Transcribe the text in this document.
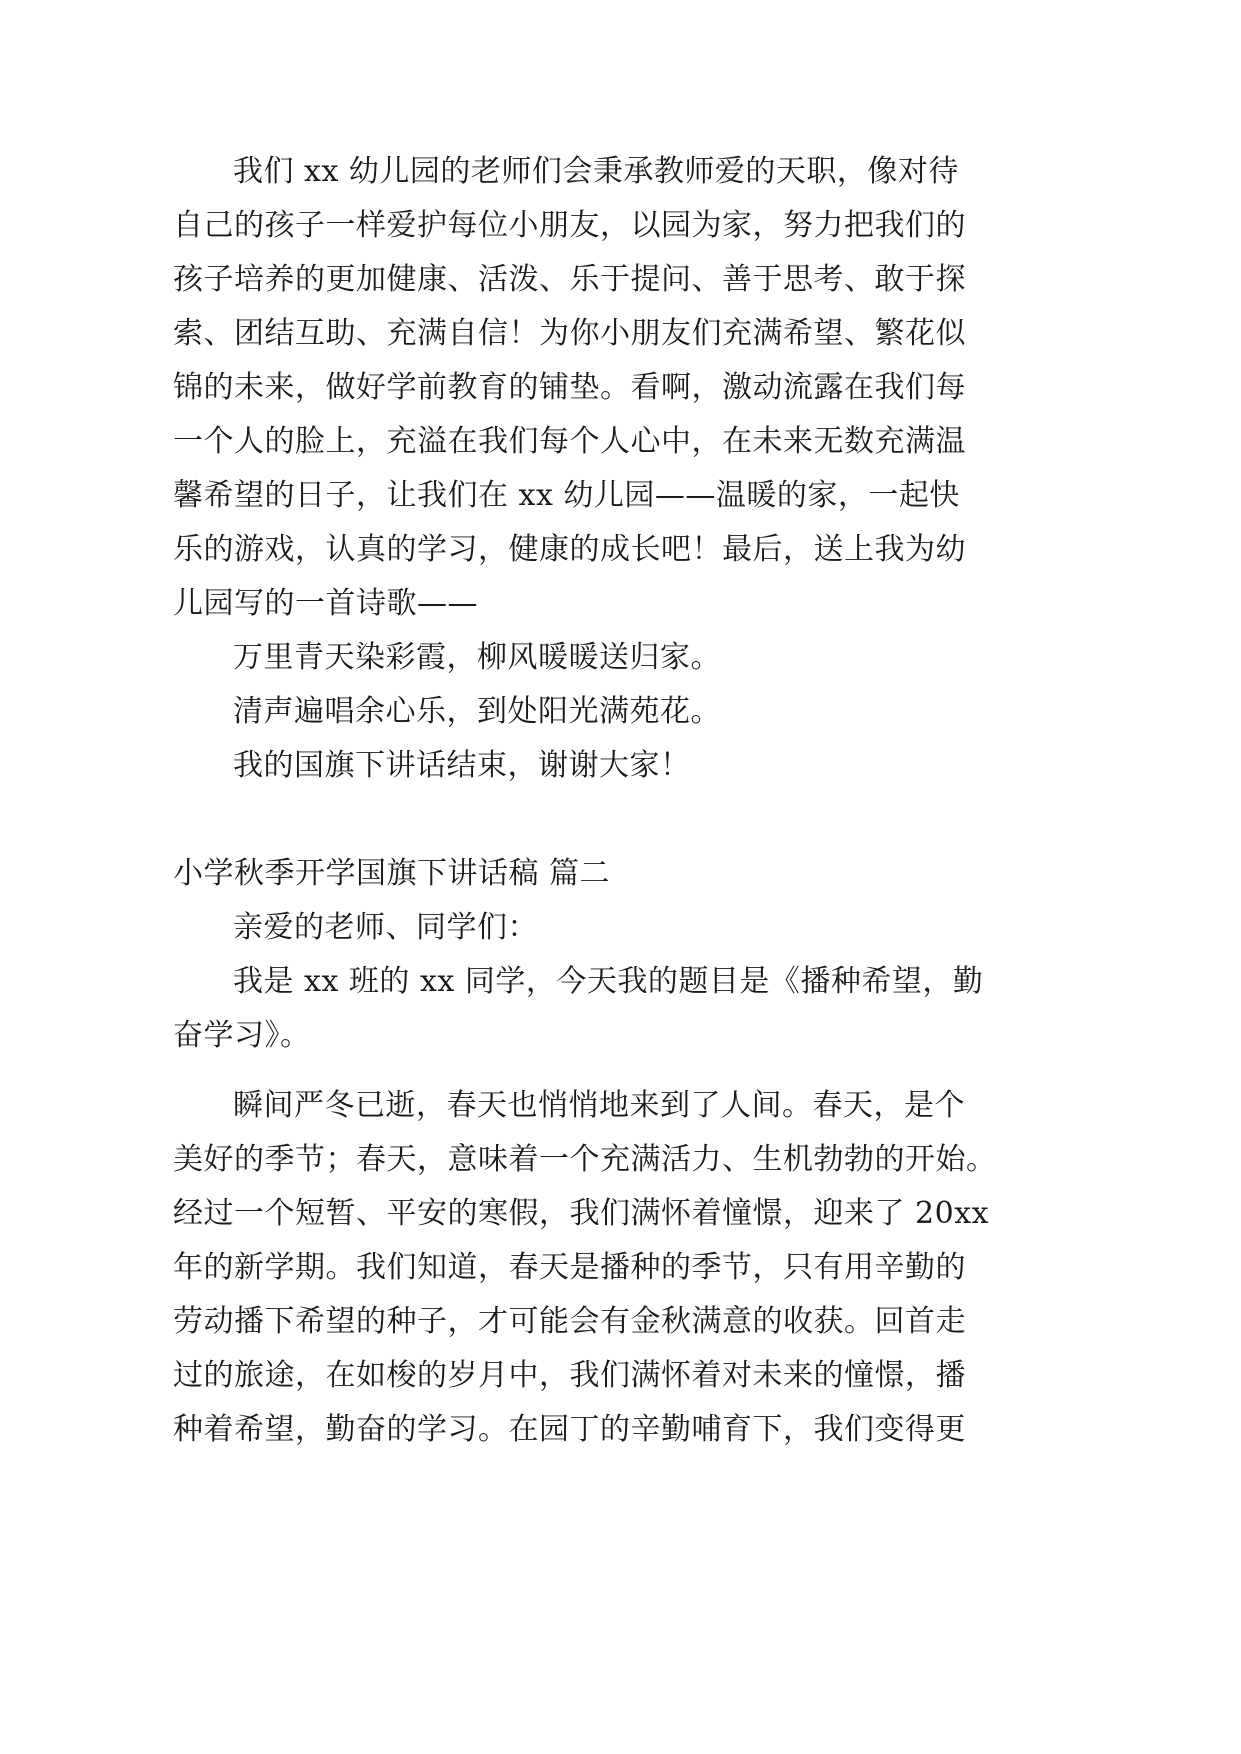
我们 xx 幼儿园的老师们会秉承教师爱的天职，像对待
自己的孩子一样爱护每位小朋友，以园为家，努力把我们的
孩子培养的更加健康、活泼、乐于提问、善于思考、敢于探
索、团结互助、充满自信！为你小朋友们充满希望、繁花似
锦的未来，做好学前教育的铺垫。看啊，激动流露在我们每
一个人的脸上，充溢在我们每个人心中，在未来无数充满温
馨希望的日子，让我们在 xx 幼儿园——温暖的家，一起快
乐的游戏，认真的学习，健康的成长吧！最后，送上我为幼
儿园写的一首诗歌——
万里青天染彩霞，柳风暖暖送归家。
清声遍唱余心乐，到处阳光满苑花。
我的国旗下讲话结束，谢谢大家！
小学秋季开学国旗下讲话稿 篇二
亲爱的老师、同学们：
我是 xx 班的 xx 同学，今天我的题目是《播种希望，勤
奋学习》。
瞬间严冬已逝，春天也悄悄地来到了人间。春天，是个
美好的季节；春天，意味着一个充满活力、生机勃勃的开始。
经过一个短暂、平安的寒假，我们满怀着憧憬，迎来了 20xx
年的新学期。我们知道，春天是播种的季节，只有用辛勤的
劳动播下希望的种子，才可能会有金秋满意的收获。回首走
过的旅途，在如梭的岁月中，我们满怀着对未来的憧憬，播
种着希望，勤奋的学习。在园丁的辛勤哺育下，我们变得更
